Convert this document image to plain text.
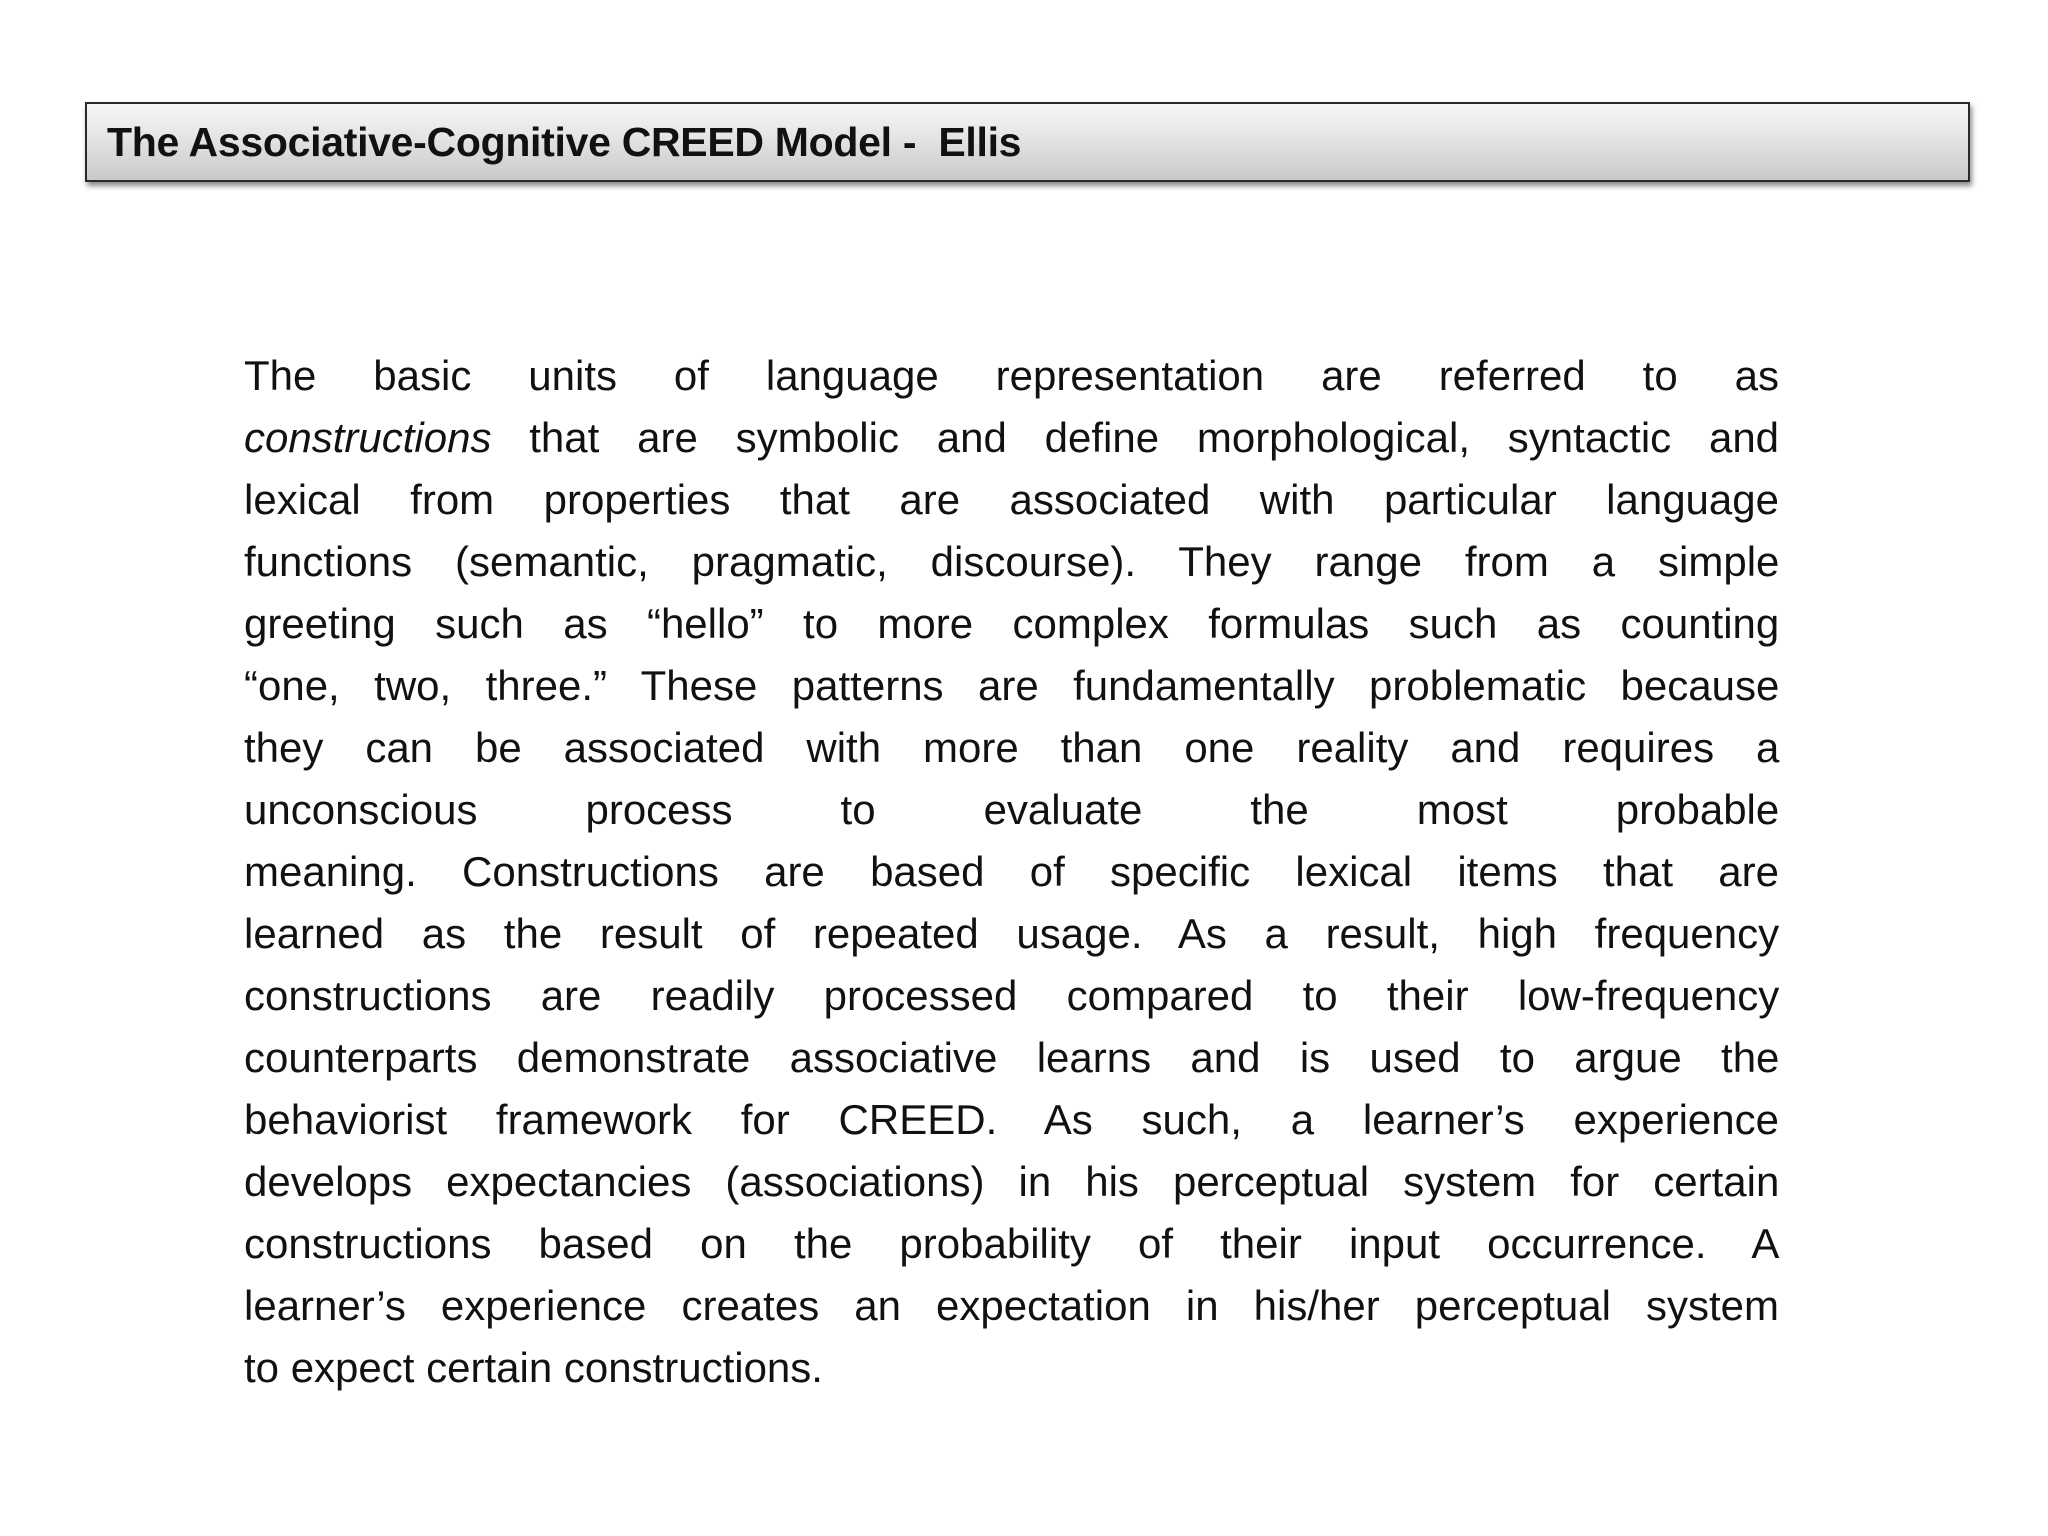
The Associative-Cognitive CREED Model -  Ellis
The basic units of language representation are referred to as
constructions that are symbolic and define morphological, syntactic and
lexical from properties that are associated with particular language
functions (semantic, pragmatic, discourse). They range from a simple
greeting such as “hello” to more complex formulas such as counting
“one, two, three.” These patterns are fundamentally problematic because
they can be associated with more than one reality and requires a
unconscious process to evaluate the most probable
meaning. Constructions are based of specific lexical items that are
learned as the result of repeated usage. As a result, high frequency
constructions are readily processed compared to their low-frequency
counterparts demonstrate associative learns and is used to argue the
behaviorist framework for CREED. As such, a learner’s experience
develops expectancies (associations) in his perceptual system for certain
constructions based on the probability of their input occurrence. A
learner’s experience creates an expectation in his/her perceptual system
to expect certain constructions.
